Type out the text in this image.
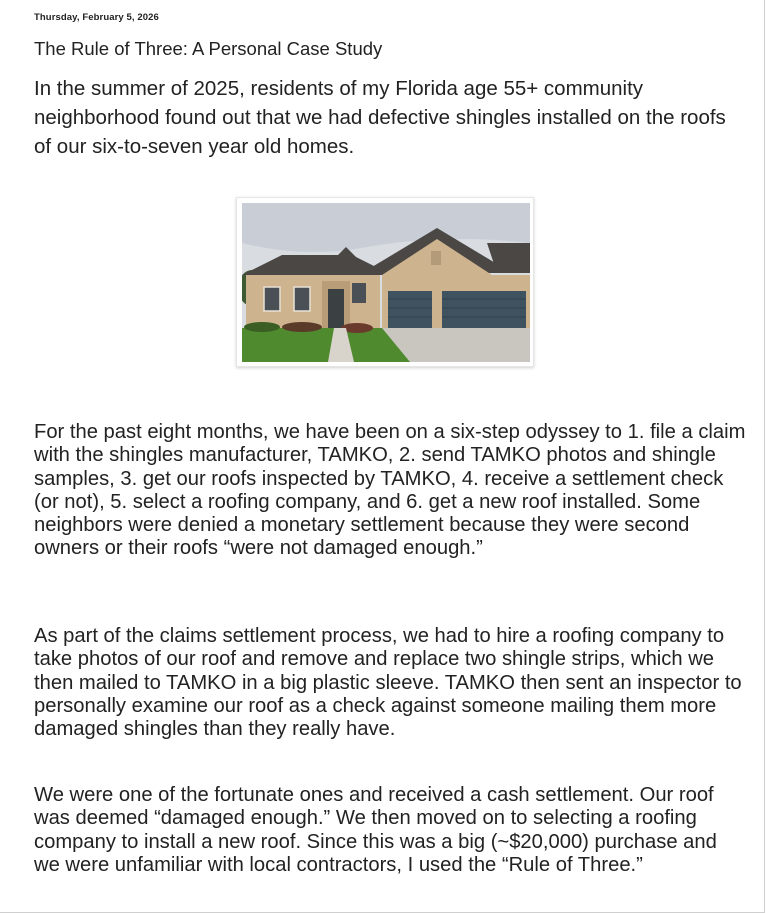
Thursday, February 5, 2026
The Rule of Three: A Personal Case Study

In the summer of 2025, residents of my Florida age 55+ community neighborhood found out that we had defective shingles installed on the roofs of our six-to-seven year old homes.

For the past eight months, we have been on a six-step odyssey to 1. file a claim with the shingles manufacturer, TAMKO, 2. send TAMKO photos and shingle samples, 3. get our roofs inspected by TAMKO, 4. receive a settlement check (or not), 5. select a roofing company, and 6. get a new roof installed. Some neighbors were denied a monetary settlement because they were second owners or their roofs “were not damaged enough.”

As part of the claims settlement process, we had to hire a roofing company to take photos of our roof and remove and replace two shingle strips, which we then mailed to TAMKO in a big plastic sleeve. TAMKO then sent an inspector to personally examine our roof as a check against someone mailing them more damaged shingles than they really have.

We were one of the fortunate ones and received a cash settlement. Our roof was deemed “damaged enough.” We then moved on to selecting a roofing company to install a new roof. Since this was a big (~$20,000) purchase and we were unfamiliar with local contractors, I used the “Rule of Three.”
